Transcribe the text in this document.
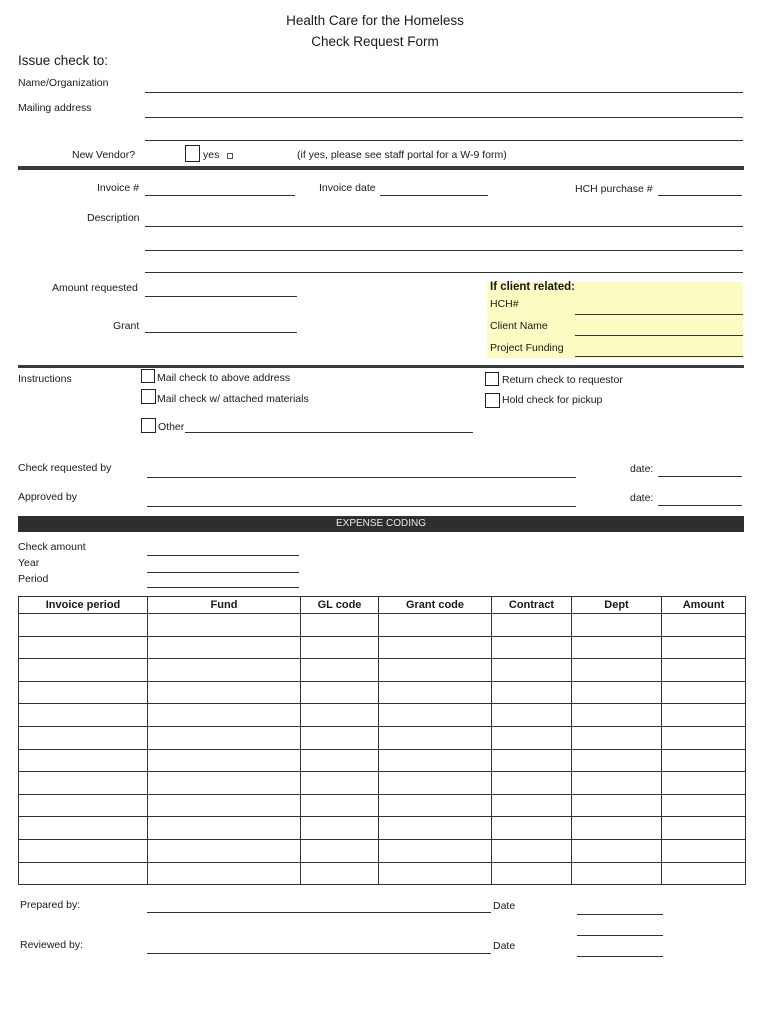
Health Care for the Homeless
Check Request Form
Issue check to:
Name/Organization
Mailing address
New Vendor?	yes	(if yes, please see staff portal for a W-9 form)
Invoice #	Invoice date	HCH purchase #
Description
Amount requested
Grant
If client related:
HCH#
Client Name
Project Funding
Instructions	Mail check to above address
Mail check w/ attached materials
Other
Return check to requestor
Hold check for pickup
Check requested by	date:
Approved by	date:
EXPENSE CODING
Check amount
Year
Period
Invoice period	Fund	GL code	Grant code	Contract	Dept	Amount

Prepared by:	Date
Reviewed by:	Date
